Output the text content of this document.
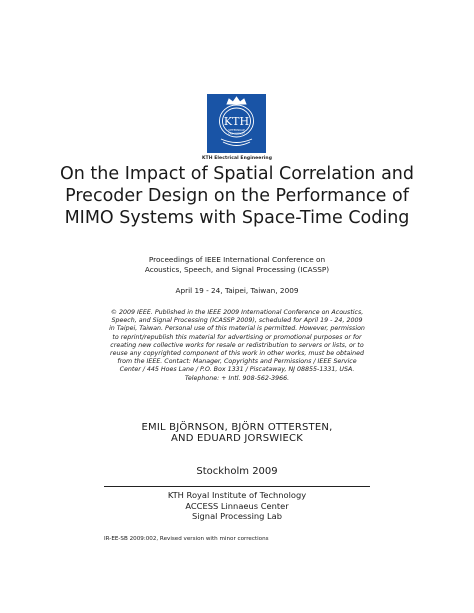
KTH
VETENSKAP
OCH KONST
KTH Electrical Engineering
On the Impact of Spatial Correlation and
Precoder Design on the Performance of
MIMO Systems with Space-Time Coding
Proceedings of IEEE International Conference on
Acoustics, Speech, and Signal Processing (ICASSP)
April 19 - 24, Taipei, Taiwan, 2009
© 2009 IEEE. Published in the IEEE 2009 International Conference on Acoustics,
Speech, and Signal Processing (ICASSP 2009), scheduled for April 19 - 24, 2009
in Taipei, Taiwan. Personal use of this material is permitted. However, permission
to reprint/republish this material for advertising or promotional purposes or for
creating new collective works for resale or redistribution to servers or lists, or to
reuse any copyrighted component of this work in other works, must be obtained
from the IEEE. Contact: Manager, Copyrights and Permissions / IEEE Service
Center / 445 Hoes Lane / P.O. Box 1331 / Piscataway, NJ 08855-1331, USA.
Telephone: + Intl. 908-562-3966.
EMIL BJÖRNSON, BJÖRN OTTERSTEN,
AND EDUARD JORSWIECK
Stockholm 2009
KTH Royal Institute of Technology
ACCESS Linnaeus Center
Signal Processing Lab
IR-EE-SB 2009:002, Revised version with minor corrections
